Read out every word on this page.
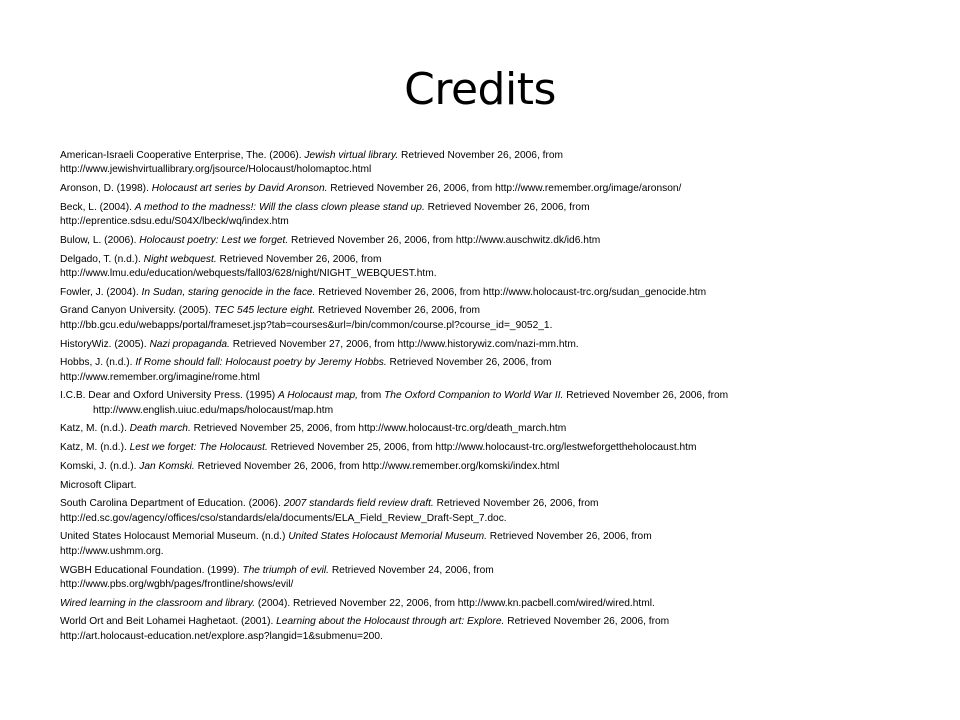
Credits
American-Israeli Cooperative Enterprise, The. (2006). Jewish virtual library. Retrieved November 26, 2006, from
http://www.jewishvirtuallibrary.org/jsource/Holocaust/holomaptoc.html
Aronson, D. (1998). Holocaust art series by David Aronson. Retrieved November 26, 2006, from http://www.remember.org/image/aronson/
Beck, L. (2004). A method to the madness!: Will the class clown please stand up. Retrieved November 26, 2006, from
http://eprentice.sdsu.edu/S04X/lbeck/wq/index.htm
Bulow, L. (2006). Holocaust poetry: Lest we forget. Retrieved November 26, 2006, from http://www.auschwitz.dk/id6.htm
Delgado, T. (n.d.). Night webquest. Retrieved November 26, 2006, from
http://www.lmu.edu/education/webquests/fall03/628/night/NIGHT_WEBQUEST.htm.
Fowler, J. (2004). In Sudan, staring genocide in the face. Retrieved November 26, 2006, from http://www.holocaust-trc.org/sudan_genocide.htm
Grand Canyon University. (2005). TEC 545 lecture eight. Retrieved November 26, 2006, from
http://bb.gcu.edu/webapps/portal/frameset.jsp?tab=courses&url=/bin/common/course.pl?course_id=_9052_1.
HistoryWiz. (2005). Nazi propaganda. Retrieved November 27, 2006, from http://www.historywiz.com/nazi-mm.htm.
Hobbs, J. (n.d.). If Rome should fall: Holocaust poetry by Jeremy Hobbs. Retrieved November 26, 2006, from
http://www.remember.org/imagine/rome.html
I.C.B. Dear and Oxford University Press. (1995) A Holocaust map, from The Oxford Companion to World War II. Retrieved November 26, 2006, from
http://www.english.uiuc.edu/maps/holocaust/map.htm
Katz, M. (n.d.). Death march. Retrieved November 25, 2006, from http://www.holocaust-trc.org/death_march.htm
Katz, M. (n.d.). Lest we forget: The Holocaust. Retrieved November 25, 2006, from http://www.holocaust-trc.org/lestweforgettheholocaust.htm
Komski, J. (n.d.). Jan Komski. Retrieved November 26, 2006, from http://www.remember.org/komski/index.html
Microsoft Clipart.
South Carolina Department of Education. (2006). 2007 standards field review draft. Retrieved November 26, 2006, from
http://ed.sc.gov/agency/offices/cso/standards/ela/documents/ELA_Field_Review_Draft-Sept_7.doc.
United States Holocaust Memorial Museum. (n.d.) United States Holocaust Memorial Museum. Retrieved November 26, 2006, from
http://www.ushmm.org.
WGBH Educational Foundation. (1999). The triumph of evil. Retrieved November 24, 2006, from
http://www.pbs.org/wgbh/pages/frontline/shows/evil/
Wired learning in the classroom and library. (2004). Retrieved November 22, 2006, from http://www.kn.pacbell.com/wired/wired.html.
World Ort and Beit Lohamei Haghetaot. (2001). Learning about the Holocaust through art: Explore. Retrieved November 26, 2006, from
http://art.holocaust-education.net/explore.asp?langid=1&submenu=200.
